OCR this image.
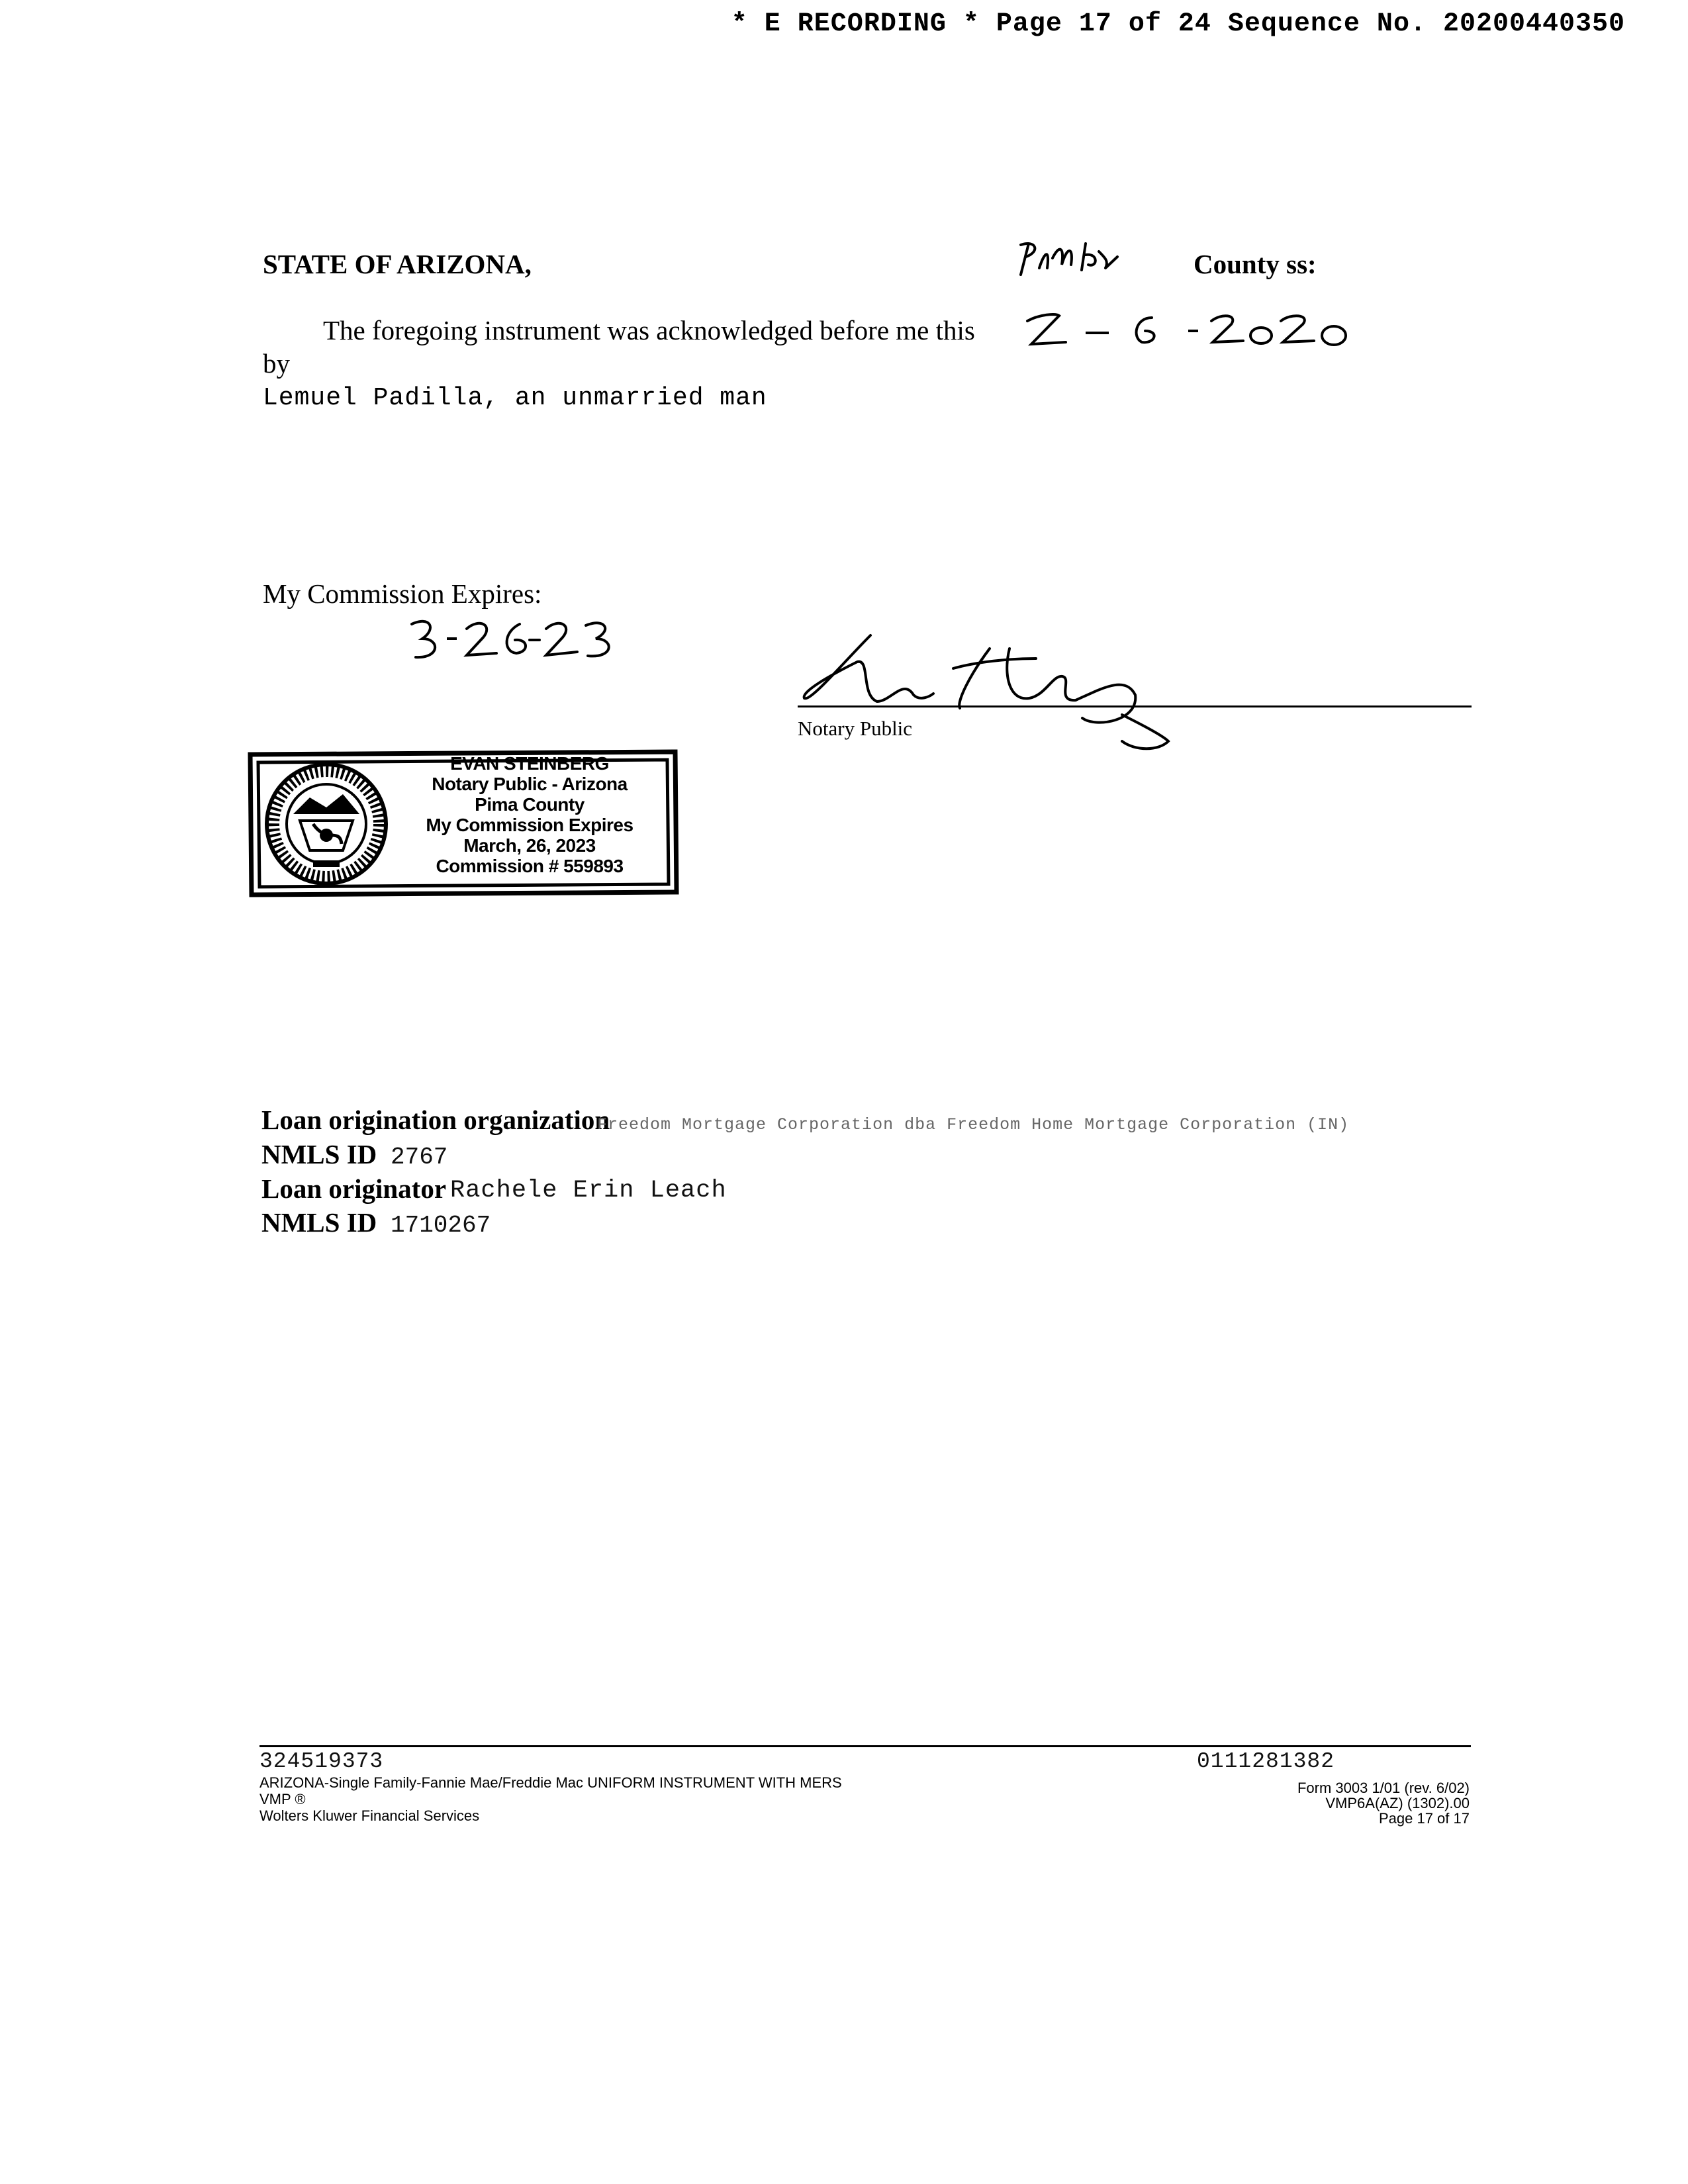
* E RECORDING * Page 17 of 24 Sequence No. 20200440350
STATE OF ARIZONA,	County ss:
The foregoing instrument was acknowledged before me this
by
Lemuel Padilla, an unmarried man
My Commission Expires:
Notary Public
EVAN STEINBERG
Notary Public - Arizona
Pima County
My Commission Expires
March, 26, 2023
Commission # 559893
Loan origination organization
Freedom Mortgage Corporation dba Freedom Home Mortgage Corporation (IN)
NMLS ID 2767
Loan originator Rachele Erin Leach
NMLS ID 1710267
324519373
ARIZONA-Single Family-Fannie Mae/Freddie Mac UNIFORM INSTRUMENT WITH MERS
VMP ®
Wolters Kluwer Financial Services
0111281382
Form 3003 1/01 (rev. 6/02)
VMP6A(AZ) (1302).00
Page 17 of 17
